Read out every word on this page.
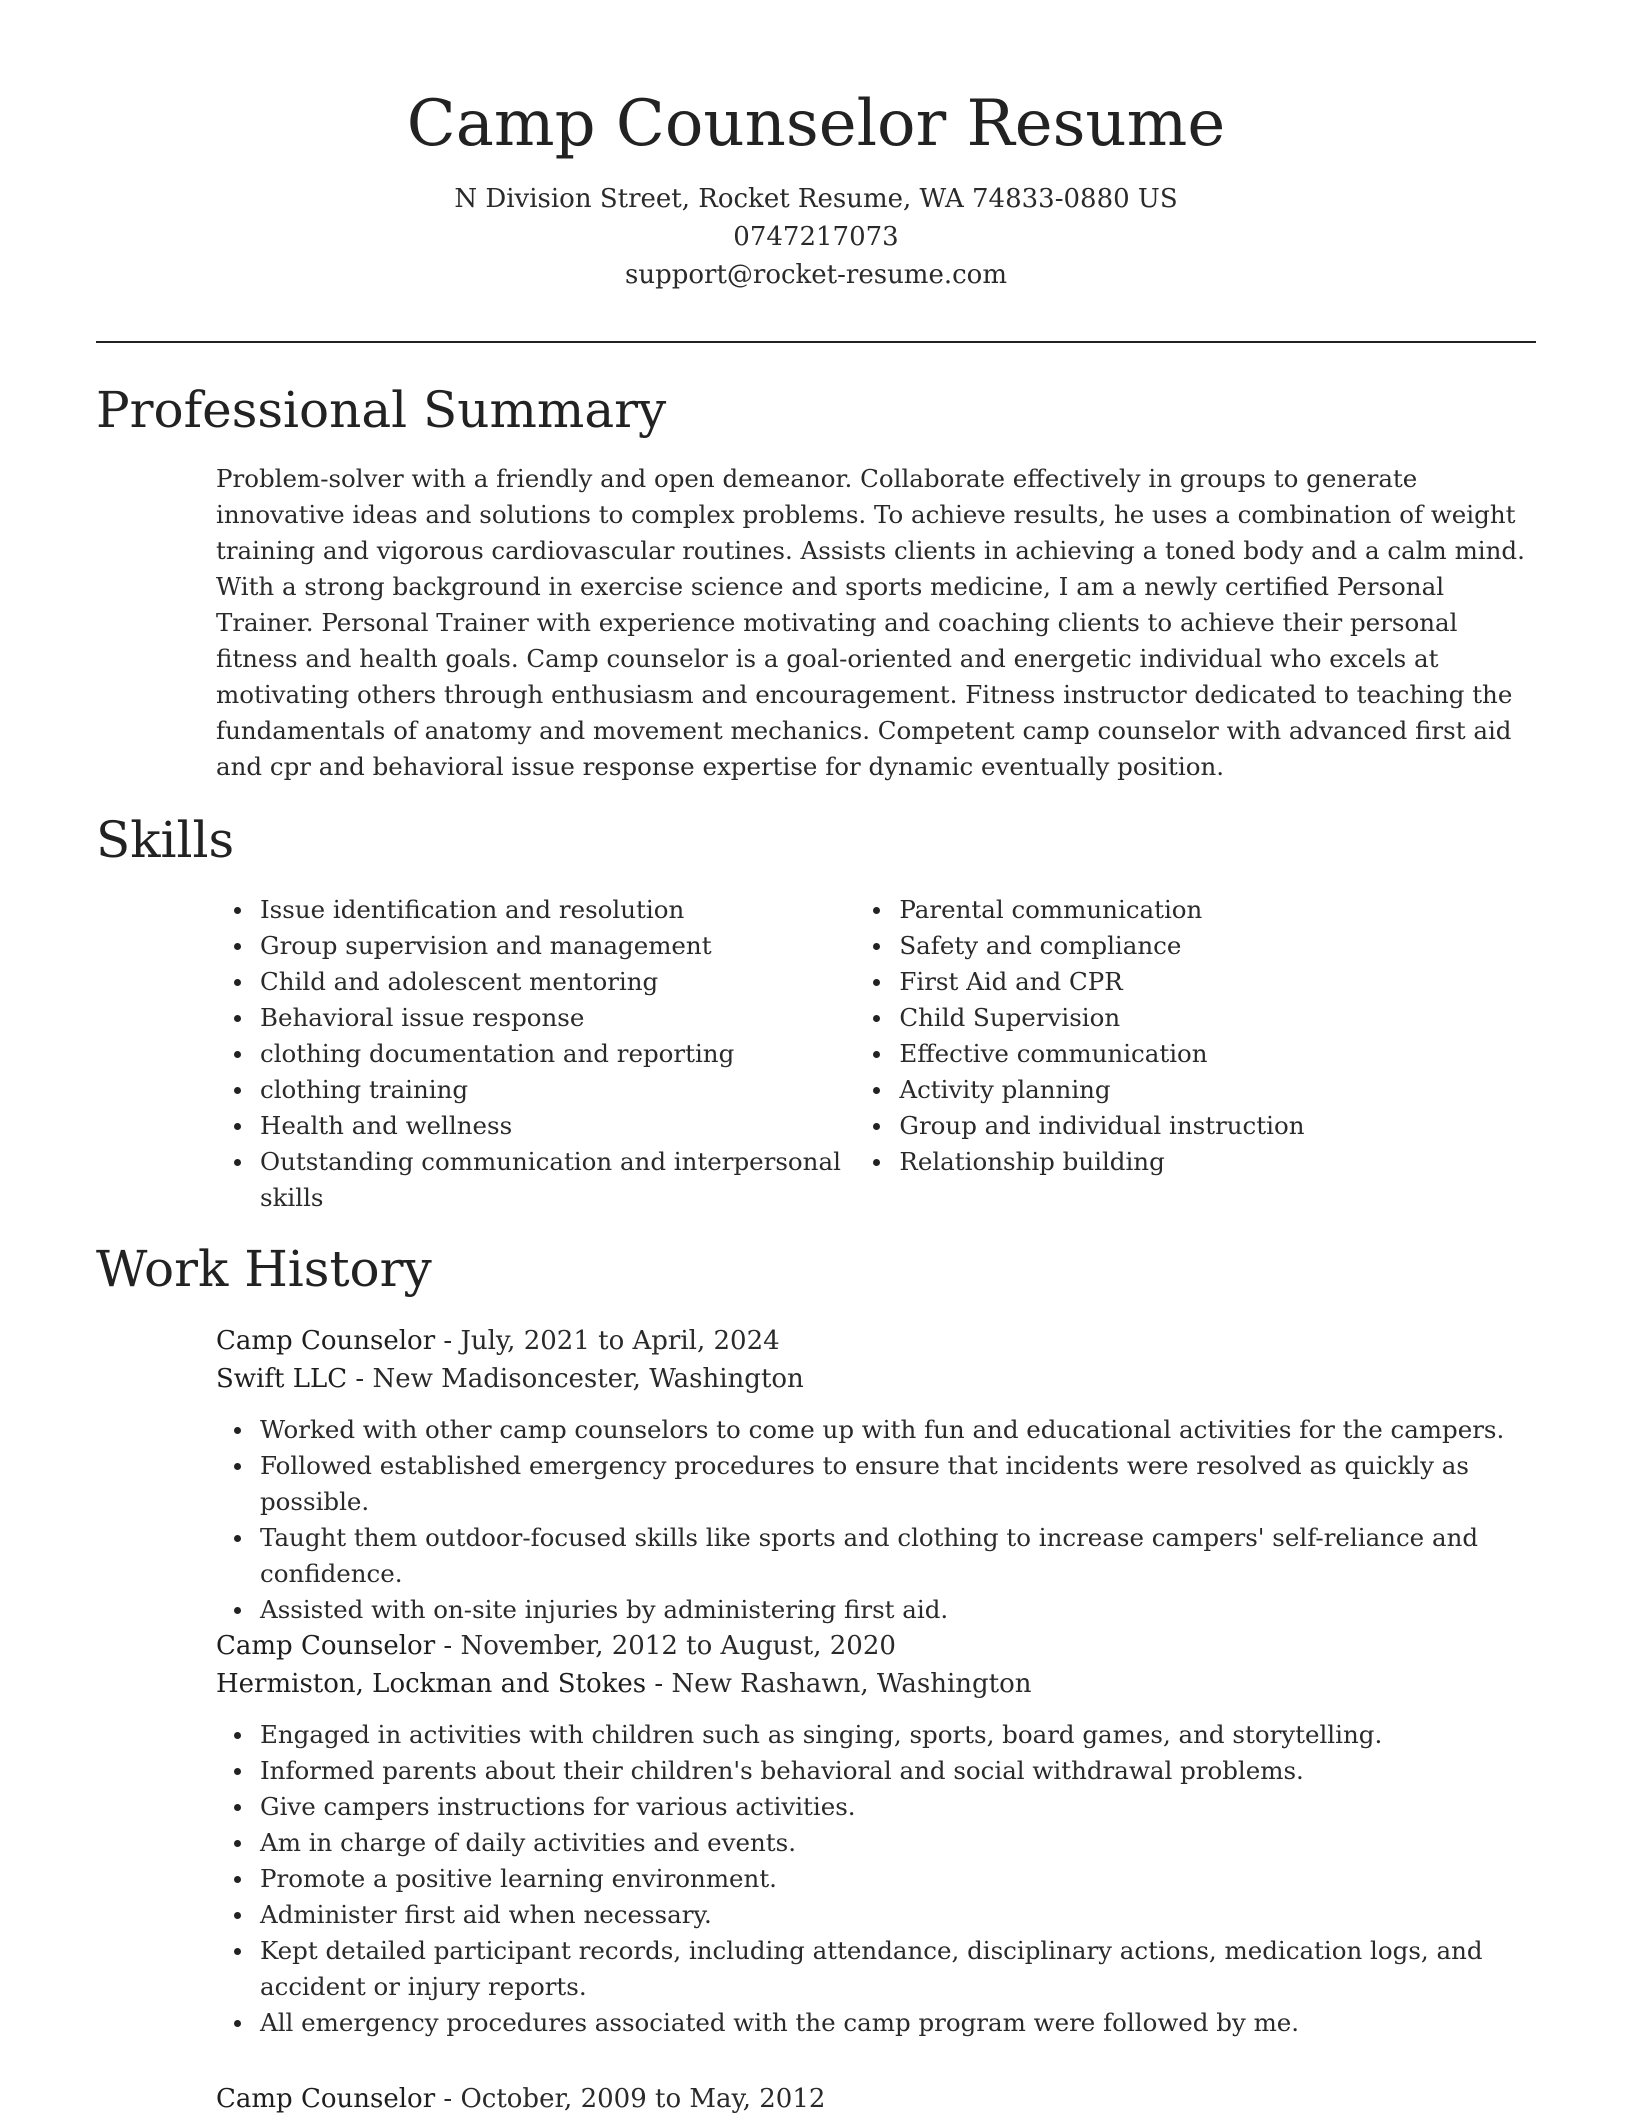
Camp Counselor Resume
N Division Street, Rocket Resume, WA 74833-0880 US
0747217073
support@rocket-resume.com
Professional Summary

Problem-solver with a friendly and open demeanor. Collaborate effectively in groups to generate innovative ideas and solutions to complex problems. To achieve results, he uses a combination of weight training and vigorous cardiovascular routines. Assists clients in achieving a toned body and a calm mind. With a strong background in exercise science and sports medicine, I am a newly certified Personal Trainer. Personal Trainer with experience motivating and coaching clients to achieve their personal fitness and health goals. Camp counselor is a goal-oriented and energetic individual who excels at motivating others through enthusiasm and encouragement. Fitness instructor dedicated to teaching the fundamentals of anatomy and movement mechanics. Competent camp counselor with advanced first aid and cpr and behavioral issue response expertise for dynamic eventually position.

Skills
Issue identification and resolution
Group supervision and management
Child and adolescent mentoring
Behavioral issue response
clothing documentation and reporting
clothing training
Health and wellness
Outstanding communication and interpersonal skills
Parental communication
Safety and compliance
First Aid and CPR
Child Supervision
Effective communication
Activity planning
Group and individual instruction
Relationship building
Work History
Camp Counselor - July, 2021 to April, 2024
Swift LLC - New Madisoncester, Washington
Worked with other camp counselors to come up with fun and educational activities for the campers.
Followed established emergency procedures to ensure that incidents were resolved as quickly as possible.
Taught them outdoor-focused skills like sports and clothing to increase campers' self-reliance and confidence.
Assisted with on-site injuries by administering first aid.
Camp Counselor - November, 2012 to August, 2020
Hermiston, Lockman and Stokes - New Rashawn, Washington
Engaged in activities with children such as singing, sports, board games, and storytelling.
Informed parents about their children's behavioral and social withdrawal problems.
Give campers instructions for various activities.
Am in charge of daily activities and events.
Promote a positive learning environment.
Administer first aid when necessary.
Kept detailed participant records, including attendance, disciplinary actions, medication logs, and accident or injury reports.
All emergency procedures associated with the camp program were followed by me.
Camp Counselor - October, 2009 to May, 2012
